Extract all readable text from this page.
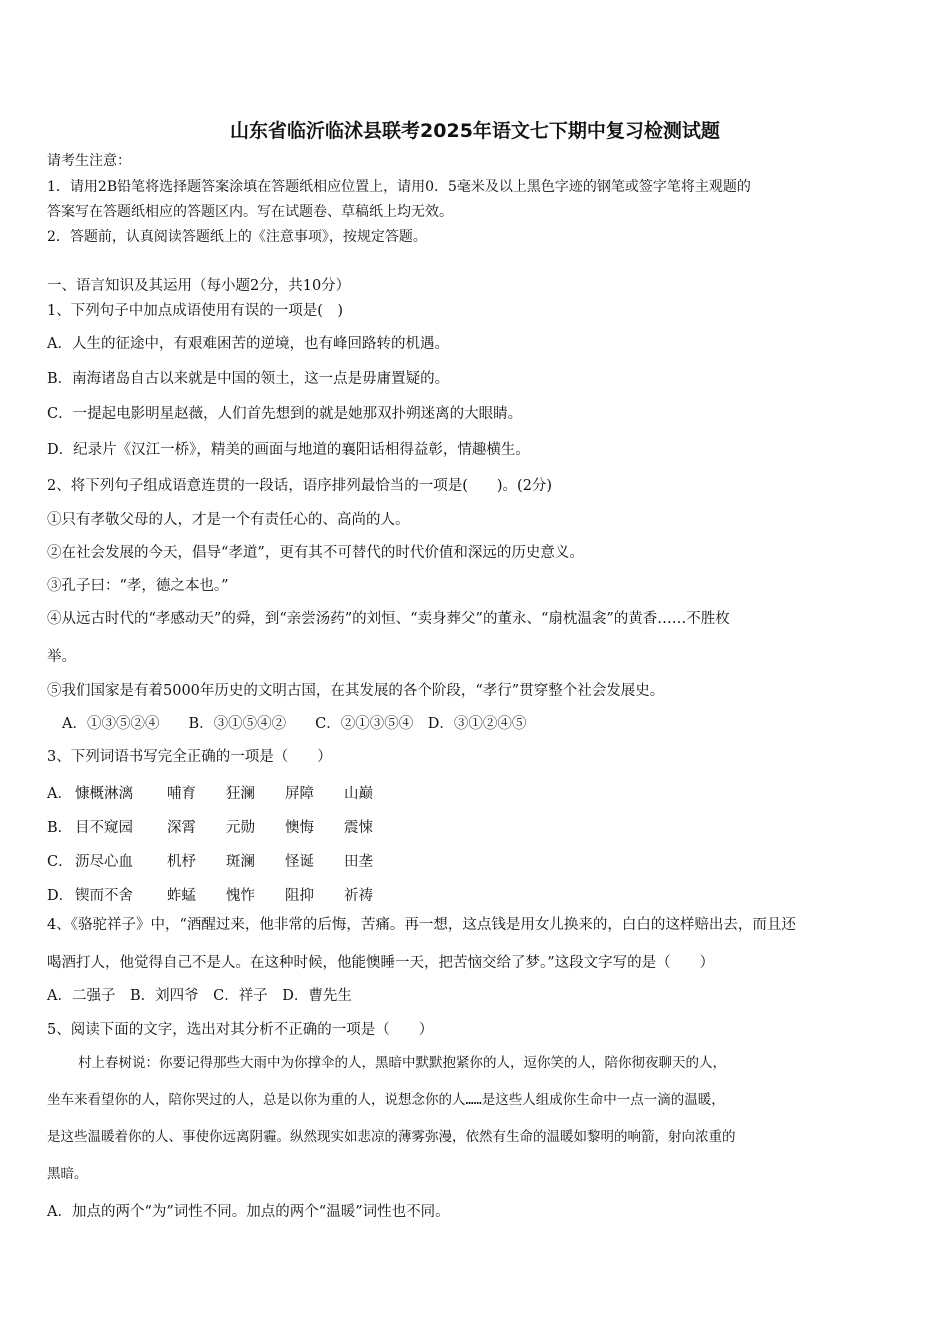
山东省临沂临沭县联考2025年语文七下期中复习检测试题
请考生注意：
1．请用2B铅笔将选择题答案涂填在答题纸相应位置上，请用0．5毫米及以上黑色字迹的钢笔或签字笔将主观题的
答案写在答题纸相应的答题区内。写在试题卷、草稿纸上均无效。
2．答题前，认真阅读答题纸上的《注意事项》，按规定答题。
一、语言知识及其运用（每小题2分，共10分）
1、下列句子中加点成语使用有误的一项是(　)
A．人生的征途中，有艰难困苦的逆境，也有峰回路转的机遇。
B．南海诸岛自古以来就是中国的领土，这一点是毋庸置疑的。
C．一提起电影明星赵薇，人们首先想到的就是她那双扑朔迷离的大眼睛。
D．纪录片《汉江一桥》，精美的画面与地道的襄阳话相得益彰，情趣横生。
2、将下列句子组成语意连贯的一段话，语序排列最恰当的一项是(　　)。(2分)
①只有孝敬父母的人，才是一个有责任心的、高尚的人。
②在社会发展的今天，倡导“孝道”，更有其不可替代的时代价值和深远的历史意义。
③孔子曰：“孝，德之本也。”
④从远古时代的“孝感动天”的舜，到“亲尝汤药”的刘恒、“卖身葬父”的董永、“扇枕温衾”的黄香……不胜枚
举。
⑤我们国家是有着5000年历史的文明古国，在其发展的各个阶段，“孝行”贯穿整个社会发展史。
A．①③⑤②④　　B．③①⑤④②　　C．②①③⑤④　D．③①②④⑤
3、下列词语书写完全正确的一项是（　　）
A． 慷概淋漓 哺育 狂澜 屏障 山巅
B． 目不窥园 深霄 元勋 懊悔 震悚
C． 沥尽心血 机杼 斑澜 怪诞 田垄
D． 锲而不舍 蚱蜢 愧怍 阻抑 祈祷
4、《骆驼祥子》中，“酒醒过来，他非常的后悔，苦痛。再一想，这点钱是用女儿换来的，白白的这样赔出去，而且还
喝酒打人，他觉得自己不是人。在这种时候，他能懊睡一天，把苦恼交给了梦。”这段文字写的是（　　）
A．二强子　B．刘四爷　C．祥子　D．曹先生
5、阅读下面的文字，选出对其分析不正确的一项是（　　）
村上春树说：你要记得那些大雨中为你撑伞的人，黑暗中默默抱紧你的人，逗你笑的人，陪你彻夜聊天的人，
坐车来看望你的人，陪你哭过的人，总是以你为重的人，说想念你的人……是这些人组成你生命中一点一滴的温暖，
是这些温暖着你的人、事使你远离阴霾。纵然现实如悲凉的薄雾弥漫，依然有生命的温暖如黎明的响箭，射向浓重的
黑暗。
A．加点的两个“为”词性不同。加点的两个“温暖”词性也不同。
